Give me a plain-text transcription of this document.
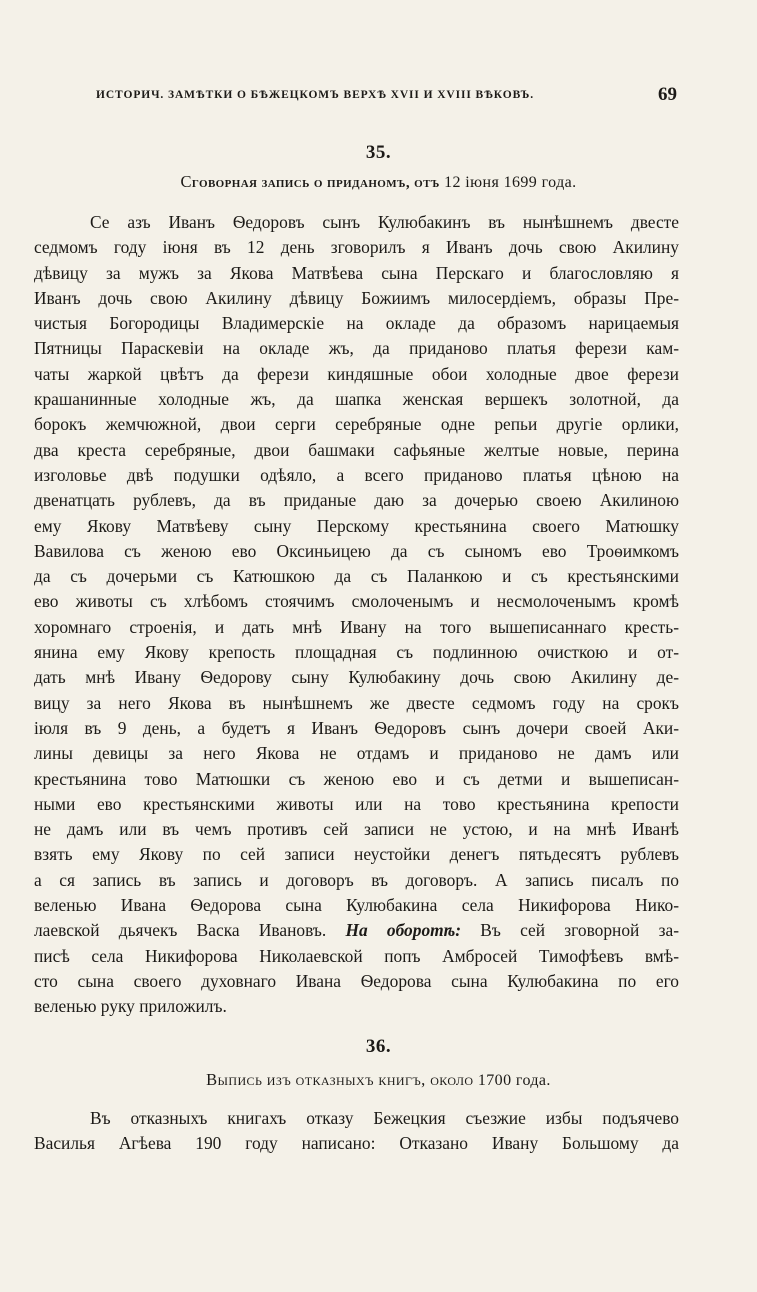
ИСТОРИЧ. ЗАМѢТКИ О БѢЖЕЦКОМЪ ВЕРХѢ XVII И XVIII ВѢКОВЪ.	69
35.
Сговорная запись о приданомъ, отъ 12 іюня 1699 года.
Се азъ Иванъ Ѳедоровъ сынъ Кулюбакинъ въ нынѣшнемъ двесте
седмомъ году іюня въ 12 день зговорилъ я Иванъ дочь свою Акилину
дѣвицу за мужъ за Якова Матвѣева сына Перскаго и благословляю я
Иванъ дочь свою Акилину дѣвицу Божиимъ милосердіемъ, образы Пре-
чистыя Богородицы Владимерскіе на окладе да образомъ нарицаемыя
Пятницы Параскевіи на окладе жъ, да приданово платья ферези кам-
чаты жаркой цвѣтъ да ферези киндяшные обои холодные двое ферези
крашанинные холодные жъ, да шапка женская вершекъ золотной, да
борокъ жемчюжной, двои серги серебряные одне репьи другіе орлики,
два креста серебряные, двои башмаки сафьяные желтые новые, перина
изголовье двѣ подушки одѣяло, а всего приданово платья цѣною на
двенатцать рублевъ, да въ приданые даю за дочерью своею Акилиною
ему Якову Матвѣеву сыну Перскому крестьянина своего Матюшку
Вавилова съ женою ево Оксиньицею да съ сыномъ ево Троѳимкомъ
да съ дочерьми съ Катюшкою да съ Паланкою и съ крестьянскими
ево животы съ хлѣбомъ стоячимъ смолоченымъ и несмолоченымъ кромѣ
хоромнаго строенія, и дать мнѣ Ивану на того вышеписаннаго кресть-
янина ему Якову крепость площадная съ подлинною очисткою и от-
дать мнѣ Ивану Ѳедорову сыну Кулюбакину дочь свою Акилину де-
вицу за него Якова въ нынѣшнемъ же двесте седмомъ году на срокъ
іюля въ 9 день, а будетъ я Иванъ Ѳедоровъ сынъ дочери своей Аки-
лины девицы за него Якова не отдамъ и приданово не дамъ или
крестьянина тово Матюшки съ женою ево и съ детми и вышеписан-
ными ево крестьянскими животы или на тово крестьянина крепости
не дамъ или въ чемъ противъ сей записи не устою, и на мнѣ Иванѣ
взять ему Якову по сей записи неустойки денегъ пятьдесятъ рублевъ
а ся запись въ запись и договоръ въ договоръ. А запись писалъ по
веленью Ивана Ѳедорова сына Кулюбакина села Никифорова Нико-
лаевской дьячекъ Васка Ивановъ. На оборотѣ: Въ сей зговорной за-
писѣ села Никифорова Николаевской попъ Амбросей Тимофѣевъ вмѣ-
сто сына своего духовнаго Ивана Ѳедорова сына Кулюбакина по его
веленью руку приложилъ.
36.
Выпись изъ отказныхъ книгъ, около 1700 года.
Въ отказныхъ книгахъ отказу Бежецкия съезжие избы подъячево
Василья Агѣева 190 году написано: Отказано Ивану Большому да
